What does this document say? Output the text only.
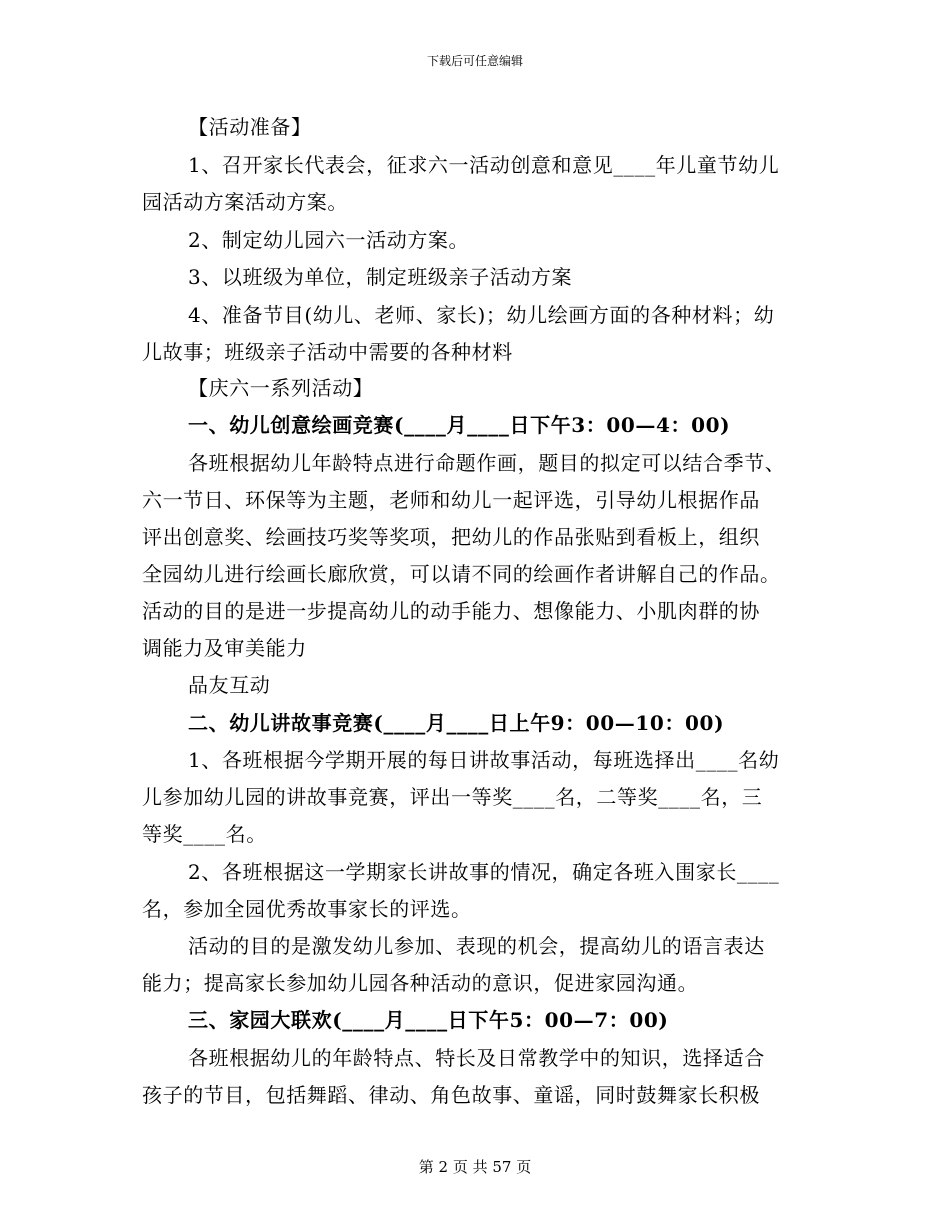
下载后可任意编辑
【活动准备】
1、召开家长代表会，征求六一活动创意和意见____年儿童节幼儿
园活动方案活动方案。
2、制定幼儿园六一活动方案。
3、以班级为单位，制定班级亲子活动方案
4、准备节目(幼儿、老师、家长)；幼儿绘画方面的各种材料；幼
儿故事；班级亲子活动中需要的各种材料
【庆六一系列活动】
一、幼儿创意绘画竞赛(____月____日下午3：00—4：00)
各班根据幼儿年龄特点进行命题作画，题目的拟定可以结合季节、
六一节日、环保等为主题，老师和幼儿一起评选，引导幼儿根据作品
评出创意奖、绘画技巧奖等奖项，把幼儿的作品张贴到看板上，组织
全园幼儿进行绘画长廊欣赏，可以请不同的绘画作者讲解自己的作品。
活动的目的是进一步提高幼儿的动手能力、想像能力、小肌肉群的协
调能力及审美能力
品友互动
二、幼儿讲故事竞赛(____月____日上午9：00—10：00)
1、各班根据今学期开展的每日讲故事活动，每班选择出____名幼
儿参加幼儿园的讲故事竞赛，评出一等奖____名，二等奖____名，三
等奖____名。
2、各班根据这一学期家长讲故事的情况，确定各班入围家长____
名，参加全园优秀故事家长的评选。
活动的目的是激发幼儿参加、表现的机会，提高幼儿的语言表达
能力；提高家长参加幼儿园各种活动的意识，促进家园沟通。
三、家园大联欢(____月____日下午5：00—7：00)
各班根据幼儿的年龄特点、特长及日常教学中的知识，选择适合
孩子的节目，包括舞蹈、律动、角色故事、童谣，同时鼓舞家长积极
第 2 页 共 57 页
